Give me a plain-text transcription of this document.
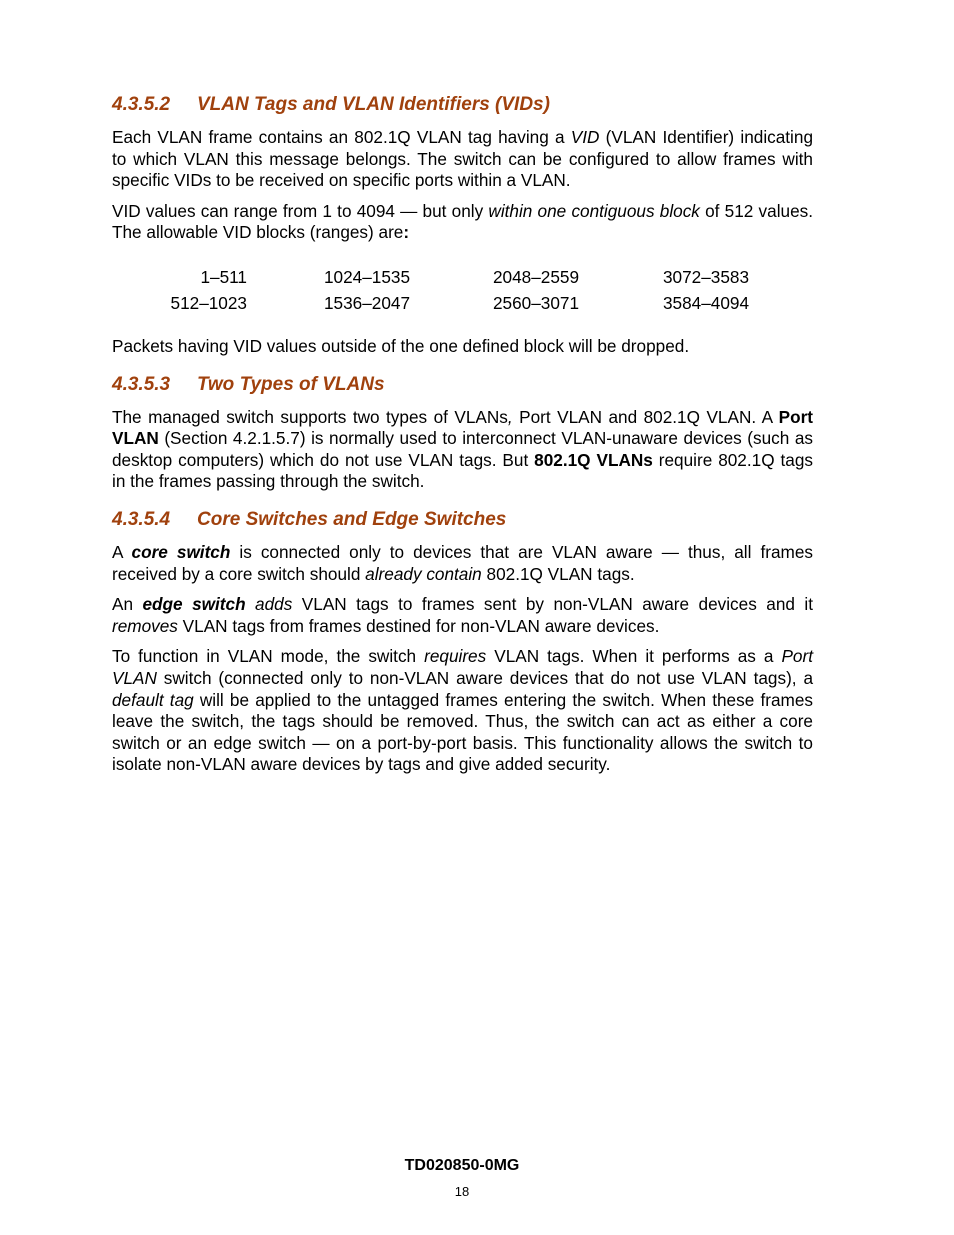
4.3.5.2 VLAN Tags and VLAN Identifiers (VIDs)

Each VLAN frame contains an 802.1Q VLAN tag having a VID (VLAN Identifier) indicating to which VLAN this message belongs. The switch can be configured to allow frames with specific VIDs to be received on specific ports within a VLAN.

VID values can range from 1 to 4094 — but only within one contiguous block of 512 values. The allowable VID blocks (ranges) are:

1–511	1024–1535	2048–2559	3072–3583
512–1023	1536–2047	2560–3071	3584–4094

Packets having VID values outside of the one defined block will be dropped.

4.3.5.3 Two Types of VLANs

The managed switch supports two types of VLANs, Port VLAN and 802.1Q VLAN. A Port VLAN (Section 4.2.1.5.7) is normally used to interconnect VLAN-unaware devices (such as desktop computers) which do not use VLAN tags. But 802.1Q VLANs require 802.1Q tags in the frames passing through the switch.

4.3.5.4 Core Switches and Edge Switches

A core switch is connected only to devices that are VLAN aware — thus, all frames received by a core switch should already contain 802.1Q VLAN tags.

An edge switch adds VLAN tags to frames sent by non-VLAN aware devices and it removes VLAN tags from frames destined for non-VLAN aware devices.

To function in VLAN mode, the switch requires VLAN tags. When it performs as a Port VLAN switch (connected only to non-VLAN aware devices that do not use VLAN tags), a default tag will be applied to the untagged frames entering the switch. When these frames leave the switch, the tags should be removed. Thus, the switch can act as either a core switch or an edge switch — on a port-by-port basis. This functionality allows the switch to isolate non-VLAN aware devices by tags and give added security.

TD020850-0MG
18
